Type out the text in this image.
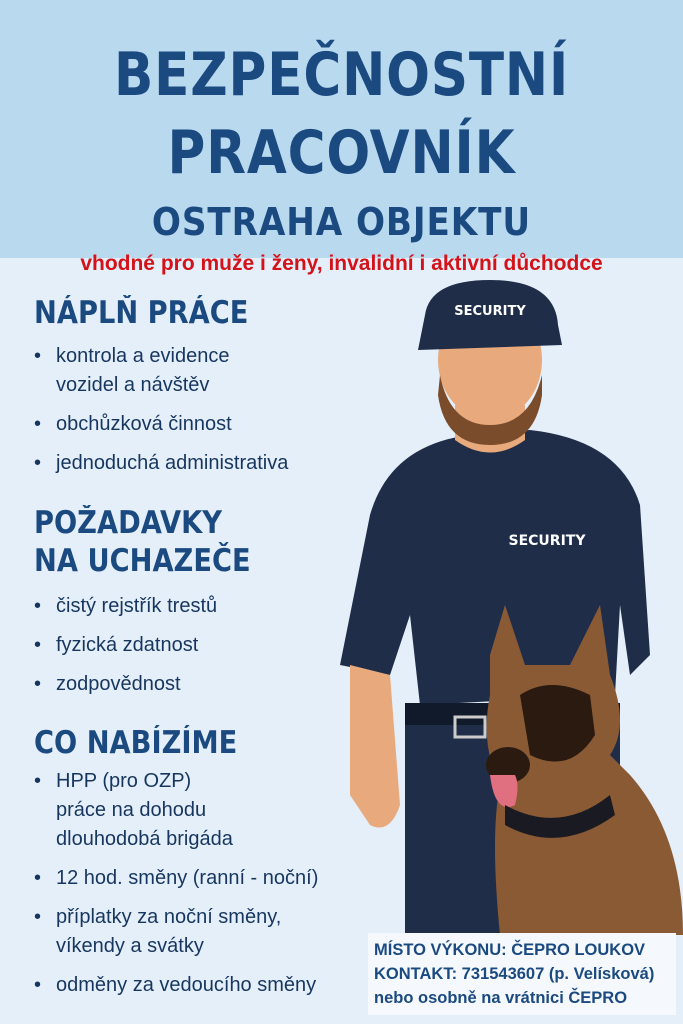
BEZPEČNOSTNÍ
PRACOVNÍK
OSTRAHA OBJEKTU
vhodné pro muže i ženy, invalidní i aktivní důchodce
SECURITY
SECURITY
NÁPLŇ PRÁCE
• kontrola a evidence
vozidel a návštěv
• obchůzková činnost
• jednoduchá administrativa
POŽADAVKY
NA UCHAZEČE
• čistý rejstřík trestů
• fyzická zdatnost
• zodpovědnost
CO NABÍZÍME
• HPP (pro OZP)
práce na dohodu
dlouhodobá brigáda
• 12 hod. směny (ranní - noční)
• příplatky za noční směny,
víkendy a svátky
• odměny za vedoucího směny
MÍSTO VÝKONU: ČEPRO LOUKOV
KONTAKT: 731543607 (p. Velísková)
nebo osobně na vrátnici ČEPRO
